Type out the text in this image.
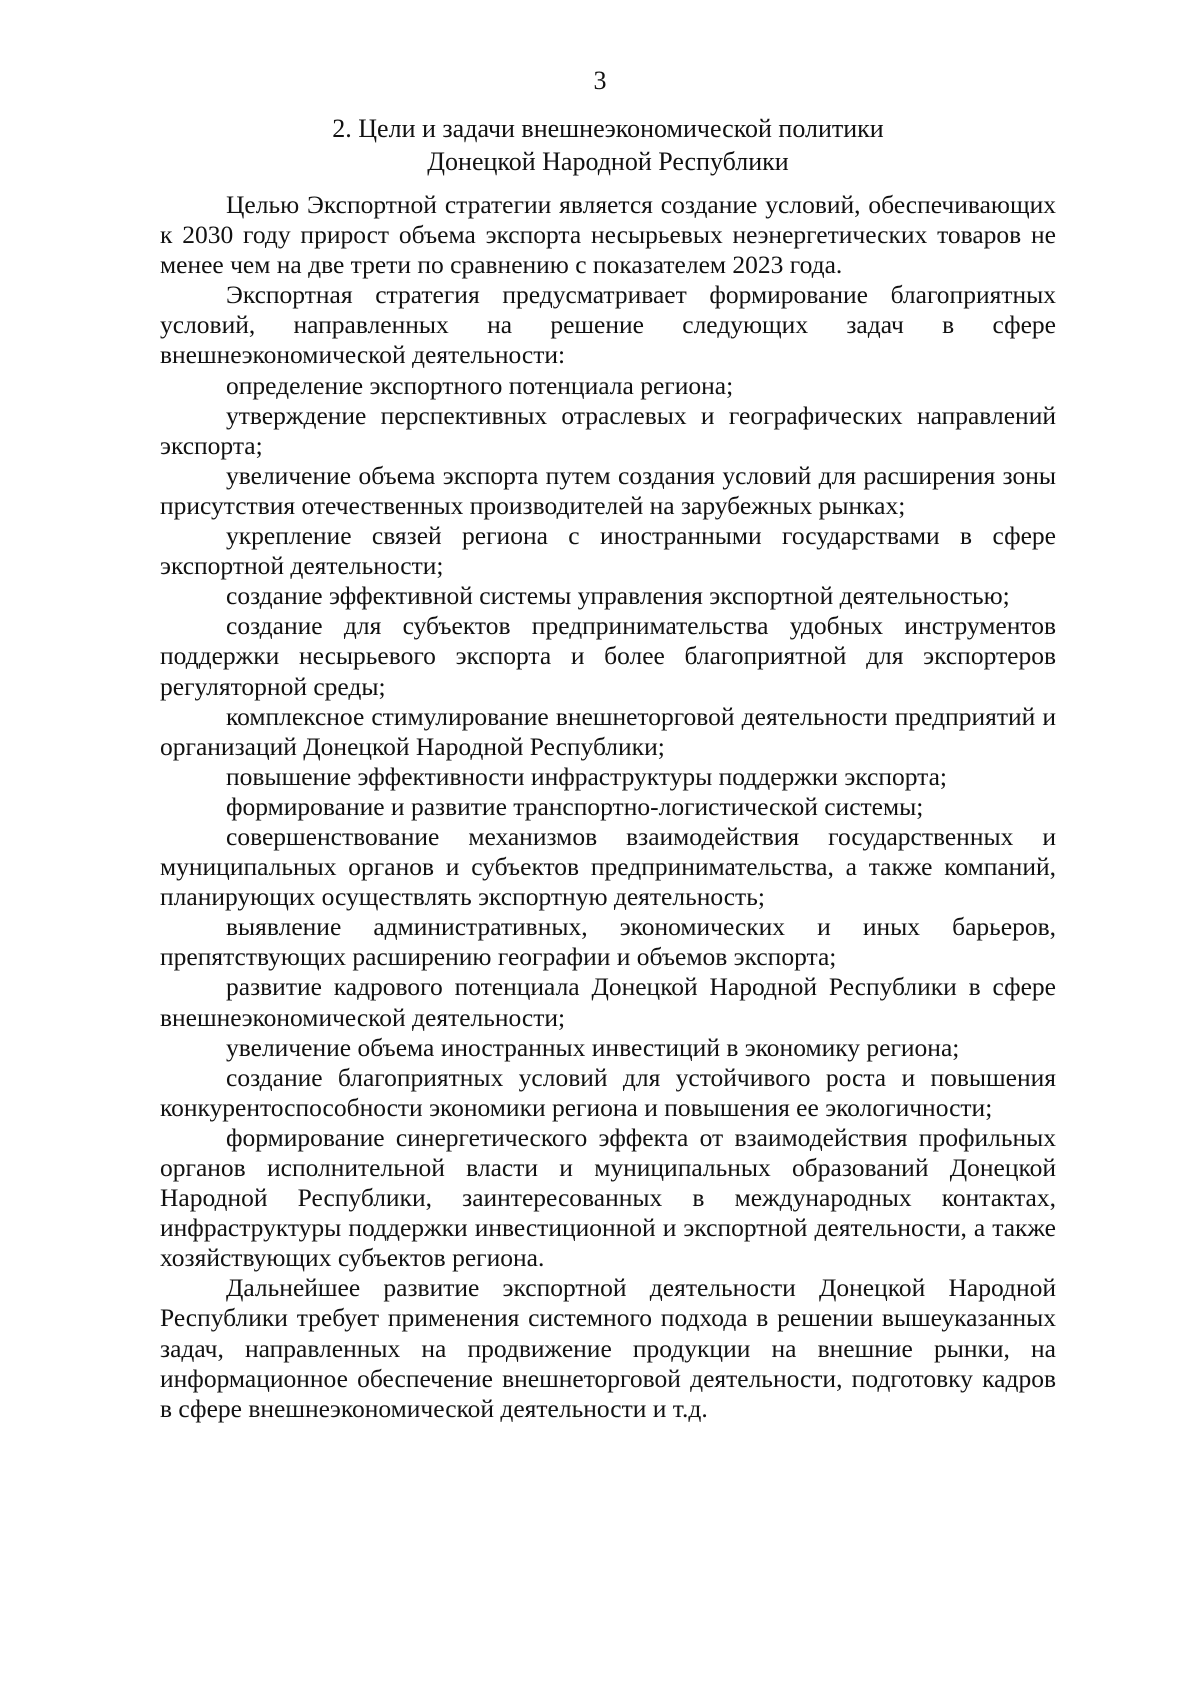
3
2. Цели и задачи внешнеэкономической политики
Донецкой Народной Республики

Целью Экспортной стратегии является создание условий, обеспечивающих к 2030 году прирост объема экспорта несырьевых неэнергетических товаров не менее чем на две трети по сравнению с показателем 2023 года.

Экспортная стратегия предусматривает формирование благоприятных условий, направленных на решение следующих задач в сфере внешнеэкономической деятельности:

определение экспортного потенциала региона;

утверждение перспективных отраслевых и географических направлений экспорта;

увеличение объема экспорта путем создания условий для расширения зоны присутствия отечественных производителей на зарубежных рынках;

укрепление связей региона с иностранными государствами в сфере экспортной деятельности;

создание эффективной системы управления экспортной деятельностью;

создание для субъектов предпринимательства удобных инструментов поддержки несырьевого экспорта и более благоприятной для экспортеров регуляторной среды;

комплексное стимулирование внешнеторговой деятельности предприятий и организаций Донецкой Народной Республики;

повышение эффективности инфраструктуры поддержки экспорта;

формирование и развитие транспортно-логистической системы;

совершенствование механизмов взаимодействия государственных и муниципальных органов и субъектов предпринимательства, а также компаний, планирующих осуществлять экспортную деятельность;

выявление административных, экономических и иных барьеров, препятствующих расширению географии и объемов экспорта;

развитие кадрового потенциала Донецкой Народной Республики в сфере внешнеэкономической деятельности;

увеличение объема иностранных инвестиций в экономику региона;

создание благоприятных условий для устойчивого роста и повышения конкурентоспособности экономики региона и повышения ее экологичности;

формирование синергетического эффекта от взаимодействия профильных органов исполнительной власти и муниципальных образований Донецкой Народной Республики, заинтересованных в международных контактах, инфраструктуры поддержки инвестиционной и экспортной деятельности, а также хозяйствующих субъектов региона.

Дальнейшее развитие экспортной деятельности Донецкой Народной Республики требует применения системного подхода в решении вышеуказанных задач, направленных на продвижение продукции на внешние рынки, на информационное обеспечение внешнеторговой деятельности, подготовку кадров в сфере внешнеэкономической деятельности и т.д.
